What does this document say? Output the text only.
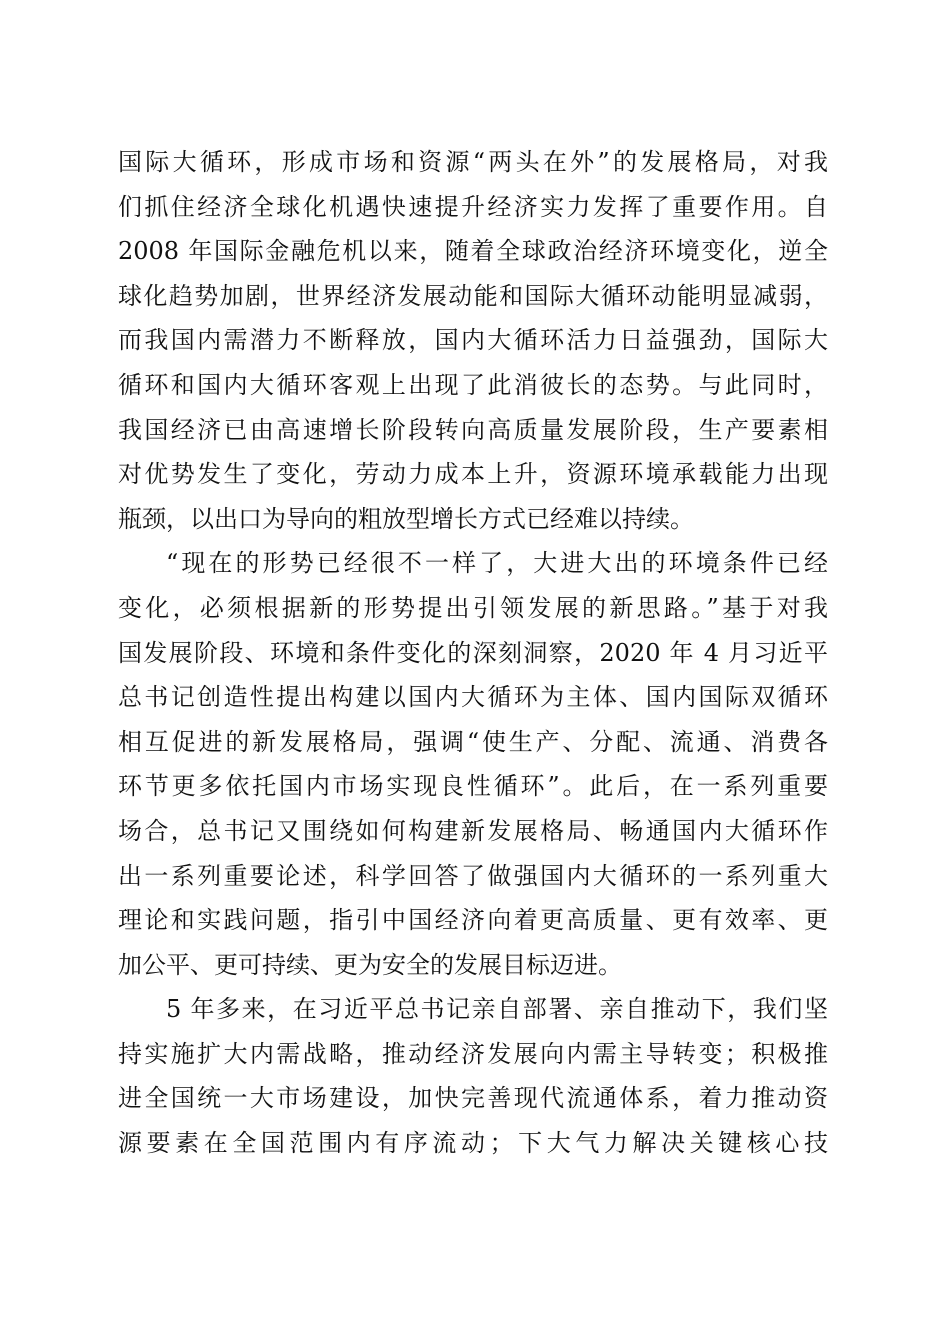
国际大循环，形成市场和资源“两头在外”的发展格局，对我
们抓住经济全球化机遇快速提升经济实力发挥了重要作用。自
2008 年国际金融危机以来，随着全球政治经济环境变化，逆全
球化趋势加剧，世界经济发展动能和国际大循环动能明显减弱，
而我国内需潜力不断释放，国内大循环活力日益强劲，国际大
循环和国内大循环客观上出现了此消彼长的态势。与此同时，
我国经济已由高速增长阶段转向高质量发展阶段，生产要素相
对优势发生了变化，劳动力成本上升，资源环境承载能力出现
瓶颈，以出口为导向的粗放型增长方式已经难以持续。
“现在的形势已经很不一样了，大进大出的环境条件已经
变化，必须根据新的形势提出引领发展的新思路。”基于对我
国发展阶段、环境和条件变化的深刻洞察，2020 年 4 月习近平
总书记创造性提出构建以国内大循环为主体、国内国际双循环
相互促进的新发展格局，强调“使生产、分配、流通、消费各
环节更多依托国内市场实现良性循环”。此后，在一系列重要
场合，总书记又围绕如何构建新发展格局、畅通国内大循环作
出一系列重要论述，科学回答了做强国内大循环的一系列重大
理论和实践问题，指引中国经济向着更高质量、更有效率、更
加公平、更可持续、更为安全的发展目标迈进。
5 年多来，在习近平总书记亲自部署、亲自推动下，我们坚
持实施扩大内需战略，推动经济发展向内需主导转变；积极推
进全国统一大市场建设，加快完善现代流通体系，着力推动资
源要素在全国范围内有序流动；下大气力解决关键核心技
